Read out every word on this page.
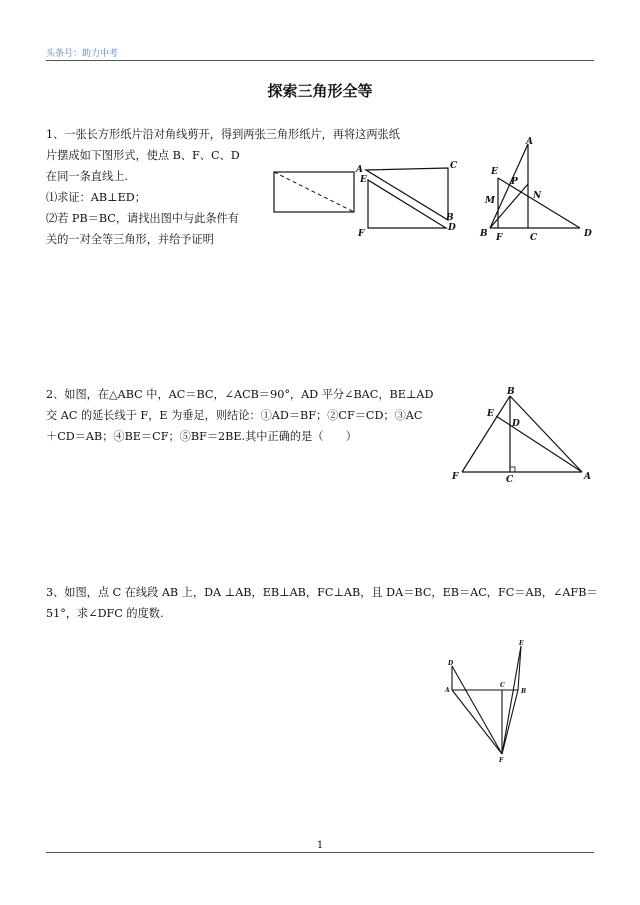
头条号：助力中考
探索三角形全等

1、一张长方形纸片沿对角线剪开，得到两张三角形纸片，再将这两张纸

片摆成如下图形式，使点 B、F、C、D

在同一条直线上.

⑴求证：AB⊥ED；

⑵若 PB＝BC，请找出图中与此条件有

关的一对全等三角形，并给予证明

A	C
E
B
F
D
A
E
P
M	N
B F	C	D

2、如图，在△ABC 中，AC＝BC，∠ACB＝90°，AD 平分∠BAC，BE⊥AD

交 AC 的延长线于 F，E 为垂足，则结论：①AD＝BF；②CF＝CD；③AC

＋CD＝AB；④BE＝CF；⑤BF＝2BE.其中正确的是（　　）

B
E
D
F	C	A

3、如图，点 C 在线段 AB 上，DA ⊥AB，EB⊥AB，FC⊥AB，且 DA＝BC，EB＝AC，FC＝AB，∠AFB＝

51°，求∠DFC 的度数.

E
D
A
C
B
F
1
